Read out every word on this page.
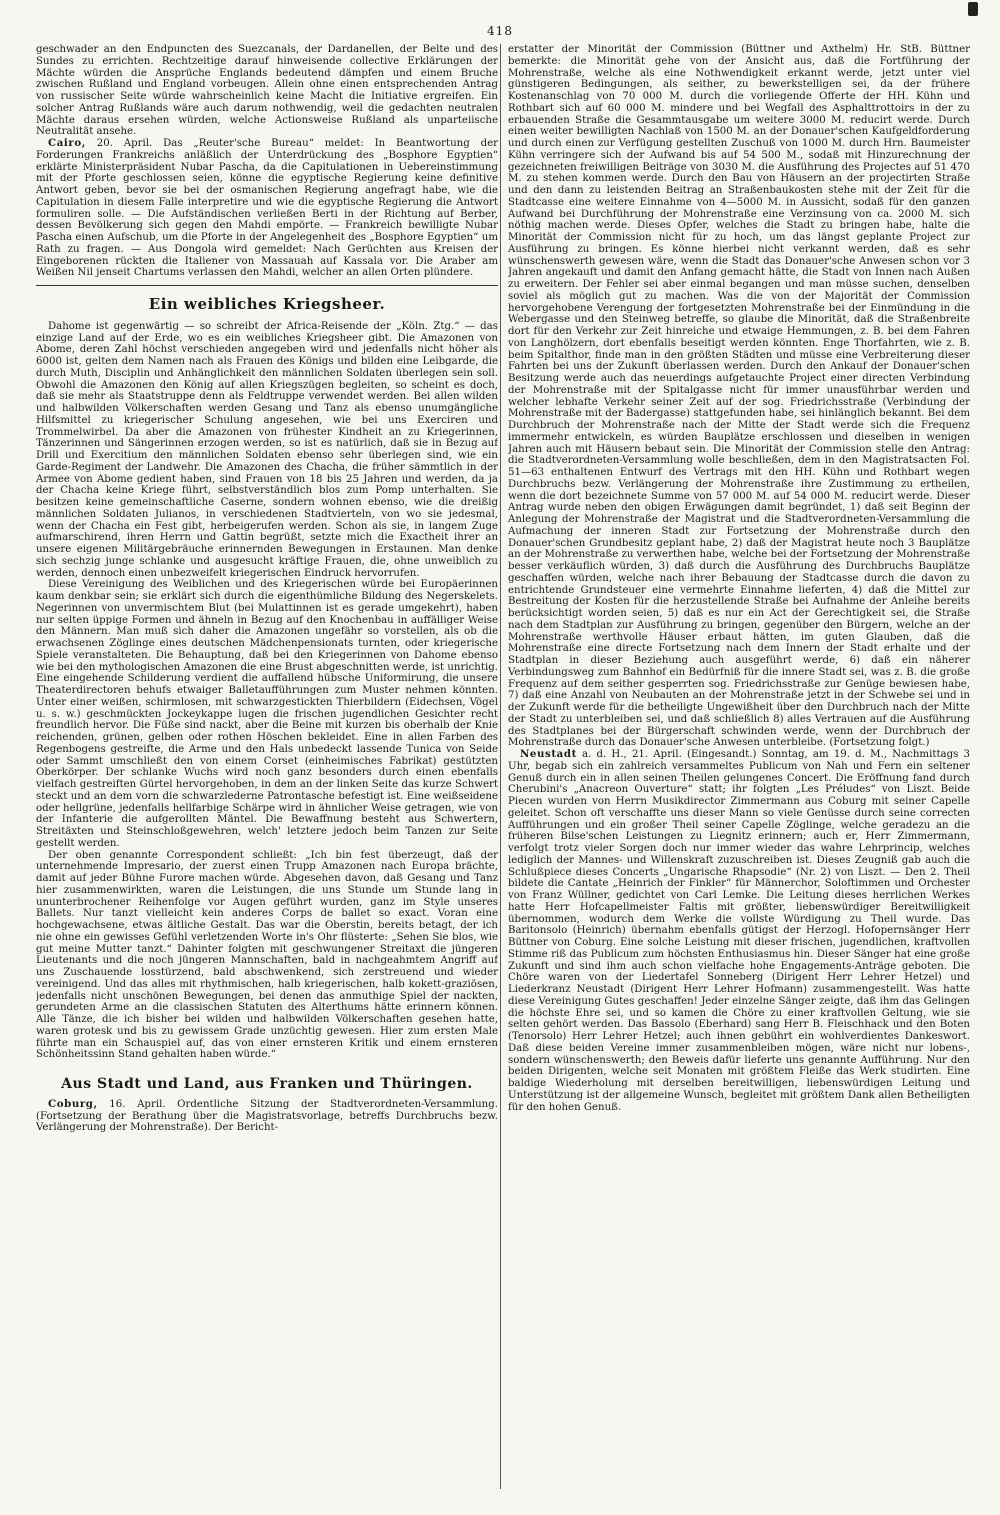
418

geschwader an den Endpuncten des Suezcanals, der Dardanellen, der Belte und des Sundes zu errichten. Rechtzeitige darauf hinweisende collective Erklärungen der Mächte würden die Ansprüche Englands bedeutend dämpfen und einem Bruche zwischen Rußland und England vorbeugen. Allein ohne einen entsprechenden Antrag von russischer Seite würde wahrscheinlich keine Macht die Initiative ergreifen. Ein solcher Antrag Rußlands wäre auch darum nothwendig, weil die gedachten neutralen Mächte daraus ersehen würden, welche Actionsweise Rußland als unparteiische Neutralität ansehe.

Cairo, 20. April. Das „Reuter'sche Bureau“ meldet: In Beantwortung der Forderungen Frankreichs anläßlich der Unterdrückung des „Bosphore Egyptien“ erklärte Ministerpräsident Nubar Pascha, da die Capitulationen in Uebereinstimmung mit der Pforte geschlossen seien, könne die egyptische Regierung keine definitive Antwort geben, bevor sie bei der osmanischen Regierung angefragt habe, wie die Capitulation in diesem Falle interpretire und wie die egyptische Regierung die Antwort formuliren solle. — Die Aufständischen verließen Berti in der Richtung auf Berber, dessen Bevölkerung sich gegen den Mahdi empörte. — Frankreich bewilligte Nubar Pascha einen Aufschub, um die Pforte in der Angelegenheit des „Bosphore Egyptien“ um Rath zu fragen. — Aus Dongola wird gemeldet: Nach Gerüchten aus Kreisen der Eingeborenen rückten die Italiener von Massauah auf Kassala vor. Die Araber am Weißen Nil jenseit Chartums verlassen den Mahdi, welcher an allen Orten plündere.

Ein weibliches Kriegsheer.

Dahome ist gegenwärtig — so schreibt der Africa-Reisende der „Köln. Ztg.“ — das einzige Land auf der Erde, wo es ein weibliches Kriegsheer gibt. Die Amazonen von Abome, deren Zahl höchst verschieden angegeben wird und jedenfalls nicht höher als 6000 ist, gelten dem Namen nach als Frauen des Königs und bilden eine Leibgarde, die durch Muth, Disciplin und Anhänglichkeit den männlichen Soldaten überlegen sein soll. Obwohl die Amazonen den König auf allen Kriegszügen begleiten, so scheint es doch, daß sie mehr als Staatstruppe denn als Feldtruppe verwendet werden. Bei allen wilden und halbwilden Völkerschaften werden Gesang und Tanz als ebenso unumgängliche Hilfsmittel zu kriegerischer Schulung angesehen, wie bei uns Exerciren und Trommelwirbel. Da aber die Amazonen von frühester Kindheit an zu Kriegerinnen, Tänzerinnen und Sängerinnen erzogen werden, so ist es natürlich, daß sie in Bezug auf Drill und Exercitium den männlichen Soldaten ebenso sehr überlegen sind, wie ein Garde-Regiment der Landwehr. Die Amazonen des Chacha, die früher sämmtlich in der Armee von Abome gedient haben, sind Frauen von 18 bis 25 Jahren und werden, da ja der Chacha keine Kriege führt, selbstverständlich blos zum Pomp unterhalten. Sie besitzen keine gemeinschaftliche Caserne, sondern wohnen ebenso, wie die dreißig männlichen Soldaten Julianos, in verschiedenen Stadtvierteln, von wo sie jedesmal, wenn der Chacha ein Fest gibt, herbeigerufen werden. Schon als sie, in langem Zuge aufmarschirend, ihren Herrn und Gattin begrüßt, setzte mich die Exactheit ihrer an unsere eigenen Militärgebräuche erinnernden Bewegungen in Erstaunen. Man denke sich sechzig junge schlanke und ausgesucht kräftige Frauen, die, ohne unweiblich zu werden, dennoch einen unbezweifelt kriegerischen Eindruck hervorrufen.

Diese Vereinigung des Weiblichen und des Kriegerischen würde bei Europäerinnen kaum denkbar sein; sie erklärt sich durch die eigenthümliche Bildung des Negerskelets. Negerinnen von unvermischtem Blut (bei Mulattinnen ist es gerade umgekehrt), haben nur selten üppige Formen und ähneln in Bezug auf den Knochenbau in auffälliger Weise den Männern. Man muß sich daher die Amazonen ungefähr so vorstellen, als ob die erwachsenen Zöglinge eines deutschen Mädchenpensionats turnten, oder kriegerische Spiele veranstalteten. Die Behauptung, daß bei den Kriegerinnen von Dahome ebenso wie bei den mythologischen Amazonen die eine Brust abgeschnitten werde, ist unrichtig. Eine eingehende Schilderung verdient die auffallend hübsche Uniformirung, die unsere Theaterdirectoren behufs etwaiger Balletaufführungen zum Muster nehmen könnten. Unter einer weißen, schirmlosen, mit schwarzgestickten Thierbildern (Eidechsen, Vögel u. s. w.) geschmückten Jockeykappe lugen die frischen jugendlichen Gesichter recht freundlich hervor. Die Füße sind nackt, aber die Beine mit kurzen bis oberhalb der Knie reichenden, grünen, gelben oder rothen Höschen bekleidet. Eine in allen Farben des Regenbogens gestreifte, die Arme und den Hals unbedeckt lassende Tunica von Seide oder Sammt umschließt den von einem Corset (einheimisches Fabrikat) gestützten Oberkörper. Der schlanke Wuchs wird noch ganz besonders durch einen ebenfalls vielfach gestreiften Gürtel hervorgehoben, in dem an der linken Seite das kurze Schwert steckt und an dem vorn die schwarzlederne Patrontasche befestigt ist. Eine weißseidene oder hellgrüne, jedenfalls hellfarbige Schärpe wird in ähnlicher Weise getragen, wie von der Infanterie die aufgerollten Mäntel. Die Bewaffnung besteht aus Schwertern, Streitäxten und Steinschloßgewehren, welch' letztere jedoch beim Tanzen zur Seite gestellt werden.

Der oben genannte Correspondent schließt: „Ich bin fest überzeugt, daß der unternehmende Impresario, der zuerst einen Trupp Amazonen nach Europa brächte, damit auf jeder Bühne Furore machen würde. Abgesehen davon, daß Gesang und Tanz hier zusammenwirkten, waren die Leistungen, die uns Stunde um Stunde lang in ununterbrochener Reihenfolge vor Augen geführt wurden, ganz im Style unseres Ballets. Nur tanzt vielleicht kein anderes Corps de ballet so exact. Voran eine hochgewachsene, etwas ältliche Gestalt. Das war die Oberstin, bereits betagt, der ich nie ohne ein gewisses Gefühl verletzenden Worte in's Ohr flüsterte: „Sehen Sie blos, wie gut meine Mutter tanzt.“ Dahinter folgten mit geschwungener Streitaxt die jüngeren Lieutenants und die noch jüngeren Mannschaften, bald in nachgeahmtem Angriff auf uns Zuschauende losstürzend, bald abschwenkend, sich zerstreuend und wieder vereinigend. Und das alles mit rhythmischen, halb kriegerischen, halb kokett-graziösen, jedenfalls nicht unschönen Bewegungen, bei denen das anmuthige Spiel der nackten, gerundeten Arme an die classischen Statuten des Alterthums hätte erinnern können. Alle Tänze, die ich bisher bei wilden und halbwilden Völkerschaften gesehen hatte, waren grotesk und bis zu gewissem Grade unzüchtig gewesen. Hier zum ersten Male führte man ein Schauspiel auf, das von einer ernsteren Kritik und einem ernsteren Schönheitssinn Stand gehalten haben würde.“

Aus Stadt und Land, aus Franken und Thüringen.

Coburg, 16. April. Ordentliche Sitzung der Stadtverordneten-Versammlung. (Fortsetzung der Berathung über die Magistratsvorlage, betreffs Durchbruchs bezw. Verlängerung der Mohrenstraße). Der Bericht-

erstatter der Minorität der Commission (Büttner und Axthelm) Hr. StB. Büttner bemerkte: die Minorität gehe von der Ansicht aus, daß die Fortführung der Mohrenstraße, welche als eine Nothwendigkeit erkannt werde, jetzt unter viel günstigeren Bedingungen, als seither, zu bewerkstelligen sei, da der frühere Kostenanschlag von 70 000 M. durch die vorliegende Offerte der HH. Kühn und Rothbart sich auf 60 000 M. mindere und bei Wegfall des Asphalttrottoirs in der zu erbauenden Straße die Gesammtausgabe um weitere 3000 M. reducirt werde. Durch einen weiter bewilligten Nachlaß von 1500 M. an der Donauer'schen Kaufgeldforderung und durch einen zur Verfügung gestellten Zuschuß von 1000 M. durch Hrn. Baumeister Kühn verringere sich der Aufwand bis auf 54 500 M., sodaß mit Hinzurechnung der gezeichneten freiwilligen Beiträge von 3030 M. die Ausführung des Projectes auf 51 470 M. zu stehen kommen werde. Durch den Bau von Häusern an der projectirten Straße und den dann zu leistenden Beitrag an Straßenbaukosten stehe mit der Zeit für die Stadtcasse eine weitere Einnahme von 4—5000 M. in Aussicht, sodaß für den ganzen Aufwand bei Durchführung der Mohrenstraße eine Verzinsung von ca. 2000 M. sich nöthig machen werde. Dieses Opfer, welches die Stadt zu bringen habe, halte die Minorität der Commission nicht für zu hoch, um das längst geplante Project zur Ausführung zu bringen. Es könne hierbei nicht verkannt werden, daß es sehr wünschenswerth gewesen wäre, wenn die Stadt das Donauer'sche Anwesen schon vor 3 Jahren angekauft und damit den Anfang gemacht hätte, die Stadt von Innen nach Außen zu erweitern. Der Fehler sei aber einmal begangen und man müsse suchen, denselben soviel als möglich gut zu machen. Was die von der Majorität der Commission hervorgehobene Verengung der fortgesetzten Mohrenstraße bei der Einmündung in die Webergasse und den Steinweg betreffe, so glaube die Minorität, daß die Straßenbreite dort für den Verkehr zur Zeit hinreiche und etwaige Hemmungen, z. B. bei dem Fahren von Langhölzern, dort ebenfalls beseitigt werden könnten. Enge Thorfahrten, wie z. B. beim Spitalthor, finde man in den größten Städten und müsse eine Verbreiterung dieser Fahrten bei uns der Zukunft überlassen werden. Durch den Ankauf der Donauer'schen Besitzung werde auch das neuerdings aufgetauchte Project einer directen Verbindung der Mohrenstraße mit der Spitalgasse nicht für immer unausführbar werden und welcher lebhafte Verkehr seiner Zeit auf der sog. Friedrichsstraße (Verbindung der Mohrenstraße mit der Badergasse) stattgefunden habe, sei hinlänglich bekannt. Bei dem Durchbruch der Mohrenstraße nach der Mitte der Stadt werde sich die Frequenz immermehr entwickeln, es würden Bauplätze erschlossen und dieselben in wenigen Jahren auch mit Häusern bebaut sein. Die Minorität der Commission stelle den Antrag: die Stadtverordneten-Versammlung wolle beschließen, dem in den Magistratsacten Fol. 51—63 enthaltenen Entwurf des Vertrags mit den HH. Kühn und Rothbart wegen Durchbruchs bezw. Verlängerung der Mohrenstraße ihre Zustimmung zu ertheilen, wenn die dort bezeichnete Summe von 57 000 M. auf 54 000 M. reducirt werde. Dieser Antrag wurde neben den obigen Erwägungen damit begründet, 1) daß seit Beginn der Anlegung der Mohrenstraße der Magistrat und die Stadtverordneten-Versammlung die Aufmachung der inneren Stadt zur Fortsetzung der Mohrenstraße durch den Donauer'schen Grundbesitz geplant habe, 2) daß der Magistrat heute noch 3 Bauplätze an der Mohrenstraße zu verwerthen habe, welche bei der Fortsetzung der Mohrenstraße besser verkäuflich würden, 3) daß durch die Ausführung des Durchbruchs Bauplätze geschaffen würden, welche nach ihrer Bebauung der Stadtcasse durch die davon zu entrichtende Grundsteuer eine vermehrte Einnahme lieferten, 4) daß die Mittel zur Bestreitung der Kosten für die herzustellende Straße bei Aufnahme der Anleihe bereits berücksichtigt worden seien, 5) daß es nur ein Act der Gerechtigkeit sei, die Straße nach dem Stadtplan zur Ausführung zu bringen, gegenüber den Bürgern, welche an der Mohrenstraße werthvolle Häuser erbaut hätten, im guten Glauben, daß die Mohrenstraße eine directe Fortsetzung nach dem Innern der Stadt erhalte und der Stadtplan in dieser Beziehung auch ausgeführt werde, 6) daß ein näherer Verbindungsweg zum Bahnhof ein Bedürfniß für die innere Stadt sei, was z. B. die große Frequenz auf dem seither gesperrten sog. Friedrichsstraße zur Genüge bewiesen habe, 7) daß eine Anzahl von Neubauten an der Mohrenstraße jetzt in der Schwebe sei und in der Zukunft werde für die betheiligte Ungewißheit über den Durchbruch nach der Mitte der Stadt zu unterbleiben sei, und daß schließlich 8) alles Vertrauen auf die Ausführung des Stadtplanes bei der Bürgerschaft schwinden werde, wenn der Durchbruch der Mohrenstraße durch das Donauer'sche Anwesen unterbleibe. (Fortsetzung folgt.)

Neustadt a. d. H., 21. April. (Eingesandt.) Sonntag, am 19. d. M., Nachmittags 3 Uhr, begab sich ein zahlreich versammeltes Publicum von Nah und Fern ein seltener Genuß durch ein in allen seinen Theilen gelungenes Concert. Die Eröffnung fand durch Cherubini's „Anacreon Ouverture“ statt; ihr folgten „Les Préludes“ von Liszt. Beide Piecen wurden von Herrn Musikdirector Zimmermann aus Coburg mit seiner Capelle geleitet. Schon oft verschaffte uns dieser Mann so viele Genüsse durch seine correcten Aufführungen und ein großer Theil seiner Capelle Zöglinge, welche geradezu an die früheren Bilse'schen Leistungen zu Liegnitz erinnern; auch er, Herr Zimmermann, verfolgt trotz vieler Sorgen doch nur immer wieder das wahre Lehrprincip, welches lediglich der Mannes- und Willenskraft zuzuschreiben ist. Dieses Zeugniß gab auch die Schlußpiece dieses Concerts „Ungarische Rhapsodie“ (Nr. 2) von Liszt. — Den 2. Theil bildete die Cantate „Heinrich der Finkler“ für Männerchor, Soloftimmen und Orchester von Franz Wüllner, gedichtet von Carl Lemke. Die Leitung dieses herrlichen Werkes hatte Herr Hofcapellmeister Faltis mit größter, liebenswürdiger Bereitwilligkeit übernommen, wodurch dem Werke die vollste Würdigung zu Theil wurde. Das Baritonsolo (Heinrich) übernahm ebenfalls gütigst der Herzogl. Hofopernsänger Herr Büttner von Coburg. Eine solche Leistung mit dieser frischen, jugendlichen, kraftvollen Stimme riß das Publicum zum höchsten Enthusiasmus hin. Dieser Sänger hat eine große Zukunft und sind ihm auch schon vielfache hohe Engagements-Anträge geboten. Die Chöre waren von der Liedertafel Sonneberg (Dirigent Herr Lehrer Hetzel) und Liederkranz Neustadt (Dirigent Herr Lehrer Hofmann) zusammengestellt. Was hatte diese Vereinigung Gutes geschaffen! Jeder einzelne Sänger zeigte, daß ihm das Gelingen die höchste Ehre sei, und so kamen die Chöre zu einer kraftvollen Geltung, wie sie selten gehört werden. Das Bassolo (Eberhard) sang Herr B. Fleischhack und den Boten (Tenorsolo) Herr Lehrer Hetzel; auch ihnen gebührt ein wohlverdientes Dankeswort. Daß diese beiden Vereine immer zusammenbleiben mögen, wäre nicht nur lobens-, sondern wünschenswerth; den Beweis dafür lieferte uns genannte Aufführung. Nur den beiden Dirigenten, welche seit Monaten mit größtem Fleiße das Werk studirten. Eine baldige Wiederholung mit derselben bereitwilligen, liebenswürdigen Leitung und Unterstützung ist der allgemeine Wunsch, begleitet mit größtem Dank allen Betheiligten für den hohen Genuß.
